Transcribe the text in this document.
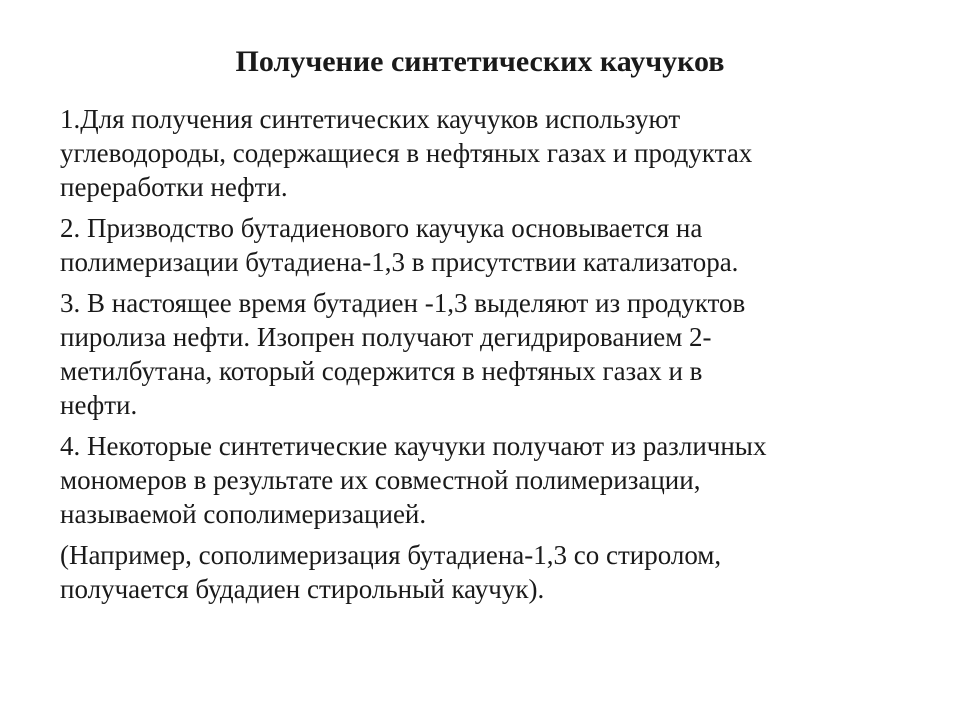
Получение синтетических каучуков

1.Для получения синтетических каучуков используют
углеводороды, содержащиеся в нефтяных газах и продуктах
переработки нефти.

2. Призводство бутадиенового каучука основывается на
полимеризации бутадиена-1,3 в присутствии катализатора.

3. В настоящее время бутадиен -1,3 выделяют из продуктов
пиролиза нефти. Изопрен получают дегидрированием 2-
метилбутана, который содержится в нефтяных газах и в
нефти.

4. Некоторые синтетические каучуки получают из различных
мономеров в результате их совместной полимеризации,
называемой сополимеризацией.

(Например, сополимеризация бутадиена-1,3 со стиролом,
получается будадиен стирольный каучук).
